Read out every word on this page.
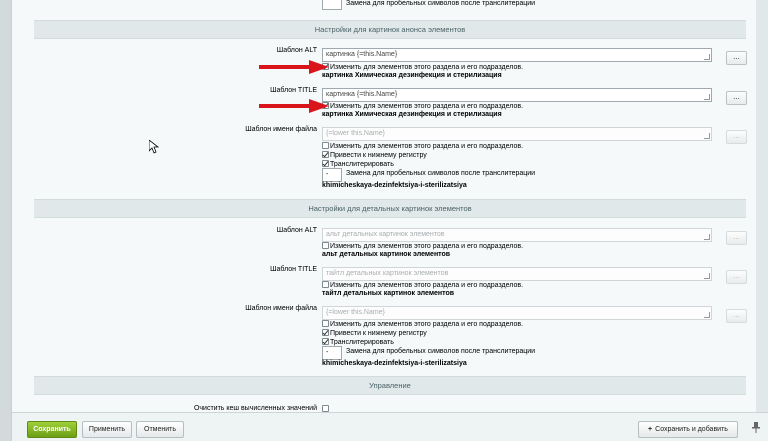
Замена для пробельных символов после транслитерации
Настройки для картинок анонса элементов
Шаблон ALT
картинка {=this.Name}	...
Изменить для элементов этого раздела и его подразделов.
картинка Химическая дезинфекция и стерилизация
Шаблон TITLE
картинка {=this.Name}	...
Изменить для элементов этого раздела и его подразделов.
картинка Химическая дезинфекция и стерилизация
Шаблон имени файла
{=lower this.Name}	...
Изменить для элементов этого раздела и его подразделов.
Привести к нижнему регистру
Транслитерировать
-	Замена для пробельных символов после транслитерации
khimicheskaya-dezinfektsiya-i-sterilizatsiya
Настройки для детальных картинок элементов
Шаблон ALT
альт детальных картинок элементов	...
Изменить для элементов этого раздела и его подразделов.
альт детальных картинок элементов
Шаблон TITLE
тайтл детальных картинок элементов	...
Изменить для элементов этого раздела и его подразделов.
тайтл детальных картинок элементов
Шаблон имени файла
{=lower this.Name}	...
Изменить для элементов этого раздела и его подразделов.
Привести к нижнему регистру
Транслитерировать
-	Замена для пробельных символов после транслитерации
khimicheskaya-dezinfektsiya-i-sterilizatsiya
Управление
Очистить кеш вычисленных значений
Сохранить	Применить	Отменить	+ Сохранить и добавить
